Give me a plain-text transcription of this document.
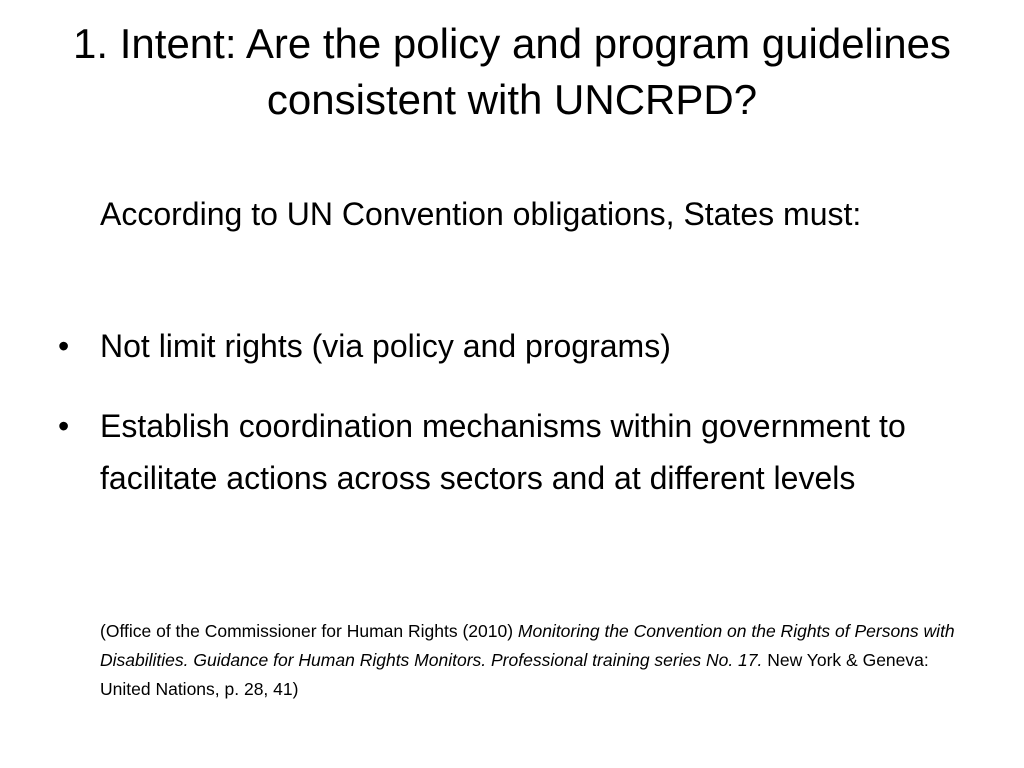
1. Intent: Are the policy and program guidelines consistent with UNCRPD?

According to UN Convention obligations, States must:

• Not limit rights (via policy and programs)
• Establish coordination mechanisms within government to facilitate actions across sectors and at different levels

(Office of the Commissioner for Human Rights (2010) Monitoring the Convention on the Rights of Persons with Disabilities. Guidance for Human Rights Monitors. Professional training series No. 17. New York & Geneva: United Nations, p. 28, 41)
